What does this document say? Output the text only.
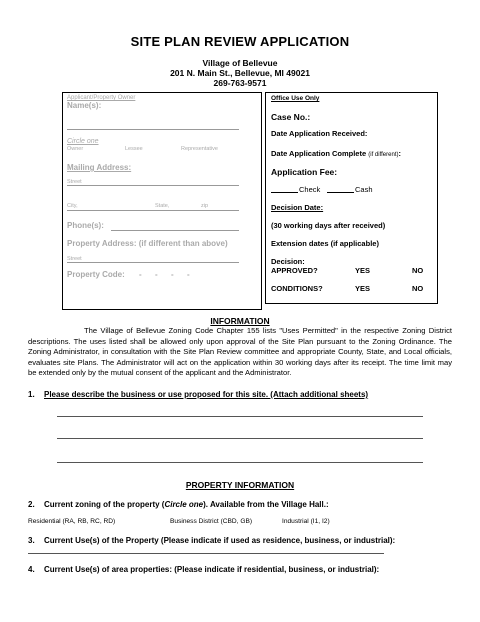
SITE PLAN REVIEW APPLICATION
Village of Bellevue
201 N. Main St., Bellevue, MI 49021
269-763-9571
Applicant/Property Owner
Name(s):
Circle one
Owner	Lessee	Representative
Mailing Address:
Street
City,	State,	zip
Phone(s):
Property Address: (if different than above)
Street
Property Code: -      -      -      -
Office Use Only
Case No.:
Date Application Received:
Date Application Complete (if different):
Application Fee:
Check	Cash
Decision Date:
(30 working days after received)
Extension dates (if applicable)
Decision:
APPROVED?	YES	NO
CONDITIONS?	YES	NO
INFORMATION
The Village of Bellevue Zoning Code Chapter 155 lists "Uses Permitted" in the respective Zoning District descriptions. The uses listed shall be allowed only upon approval of the Site Plan pursuant to the Zoning Ordinance. The Zoning Administrator, in consultation with the Site Plan Review committee and appropriate County, State, and Local officials, evaluates site Plans. The Administrator will act on the application within 30 working days after its receipt. The time limit may be extended only by the mutual consent of the applicant and the Administrator.
1. Please describe the business or use proposed for this site. (Attach additional sheets)
PROPERTY INFORMATION
2. Current zoning of the property (Circle one). Available from the Village Hall.:
Residential (RA, RB, RC, RD)	Business District (CBD, GB)	Industrial (I1, I2)
3. Current Use(s) of the Property (Please indicate if used as residence, business, or industrial):
4. Current Use(s) of area properties: (Please indicate if residential, business, or industrial):
